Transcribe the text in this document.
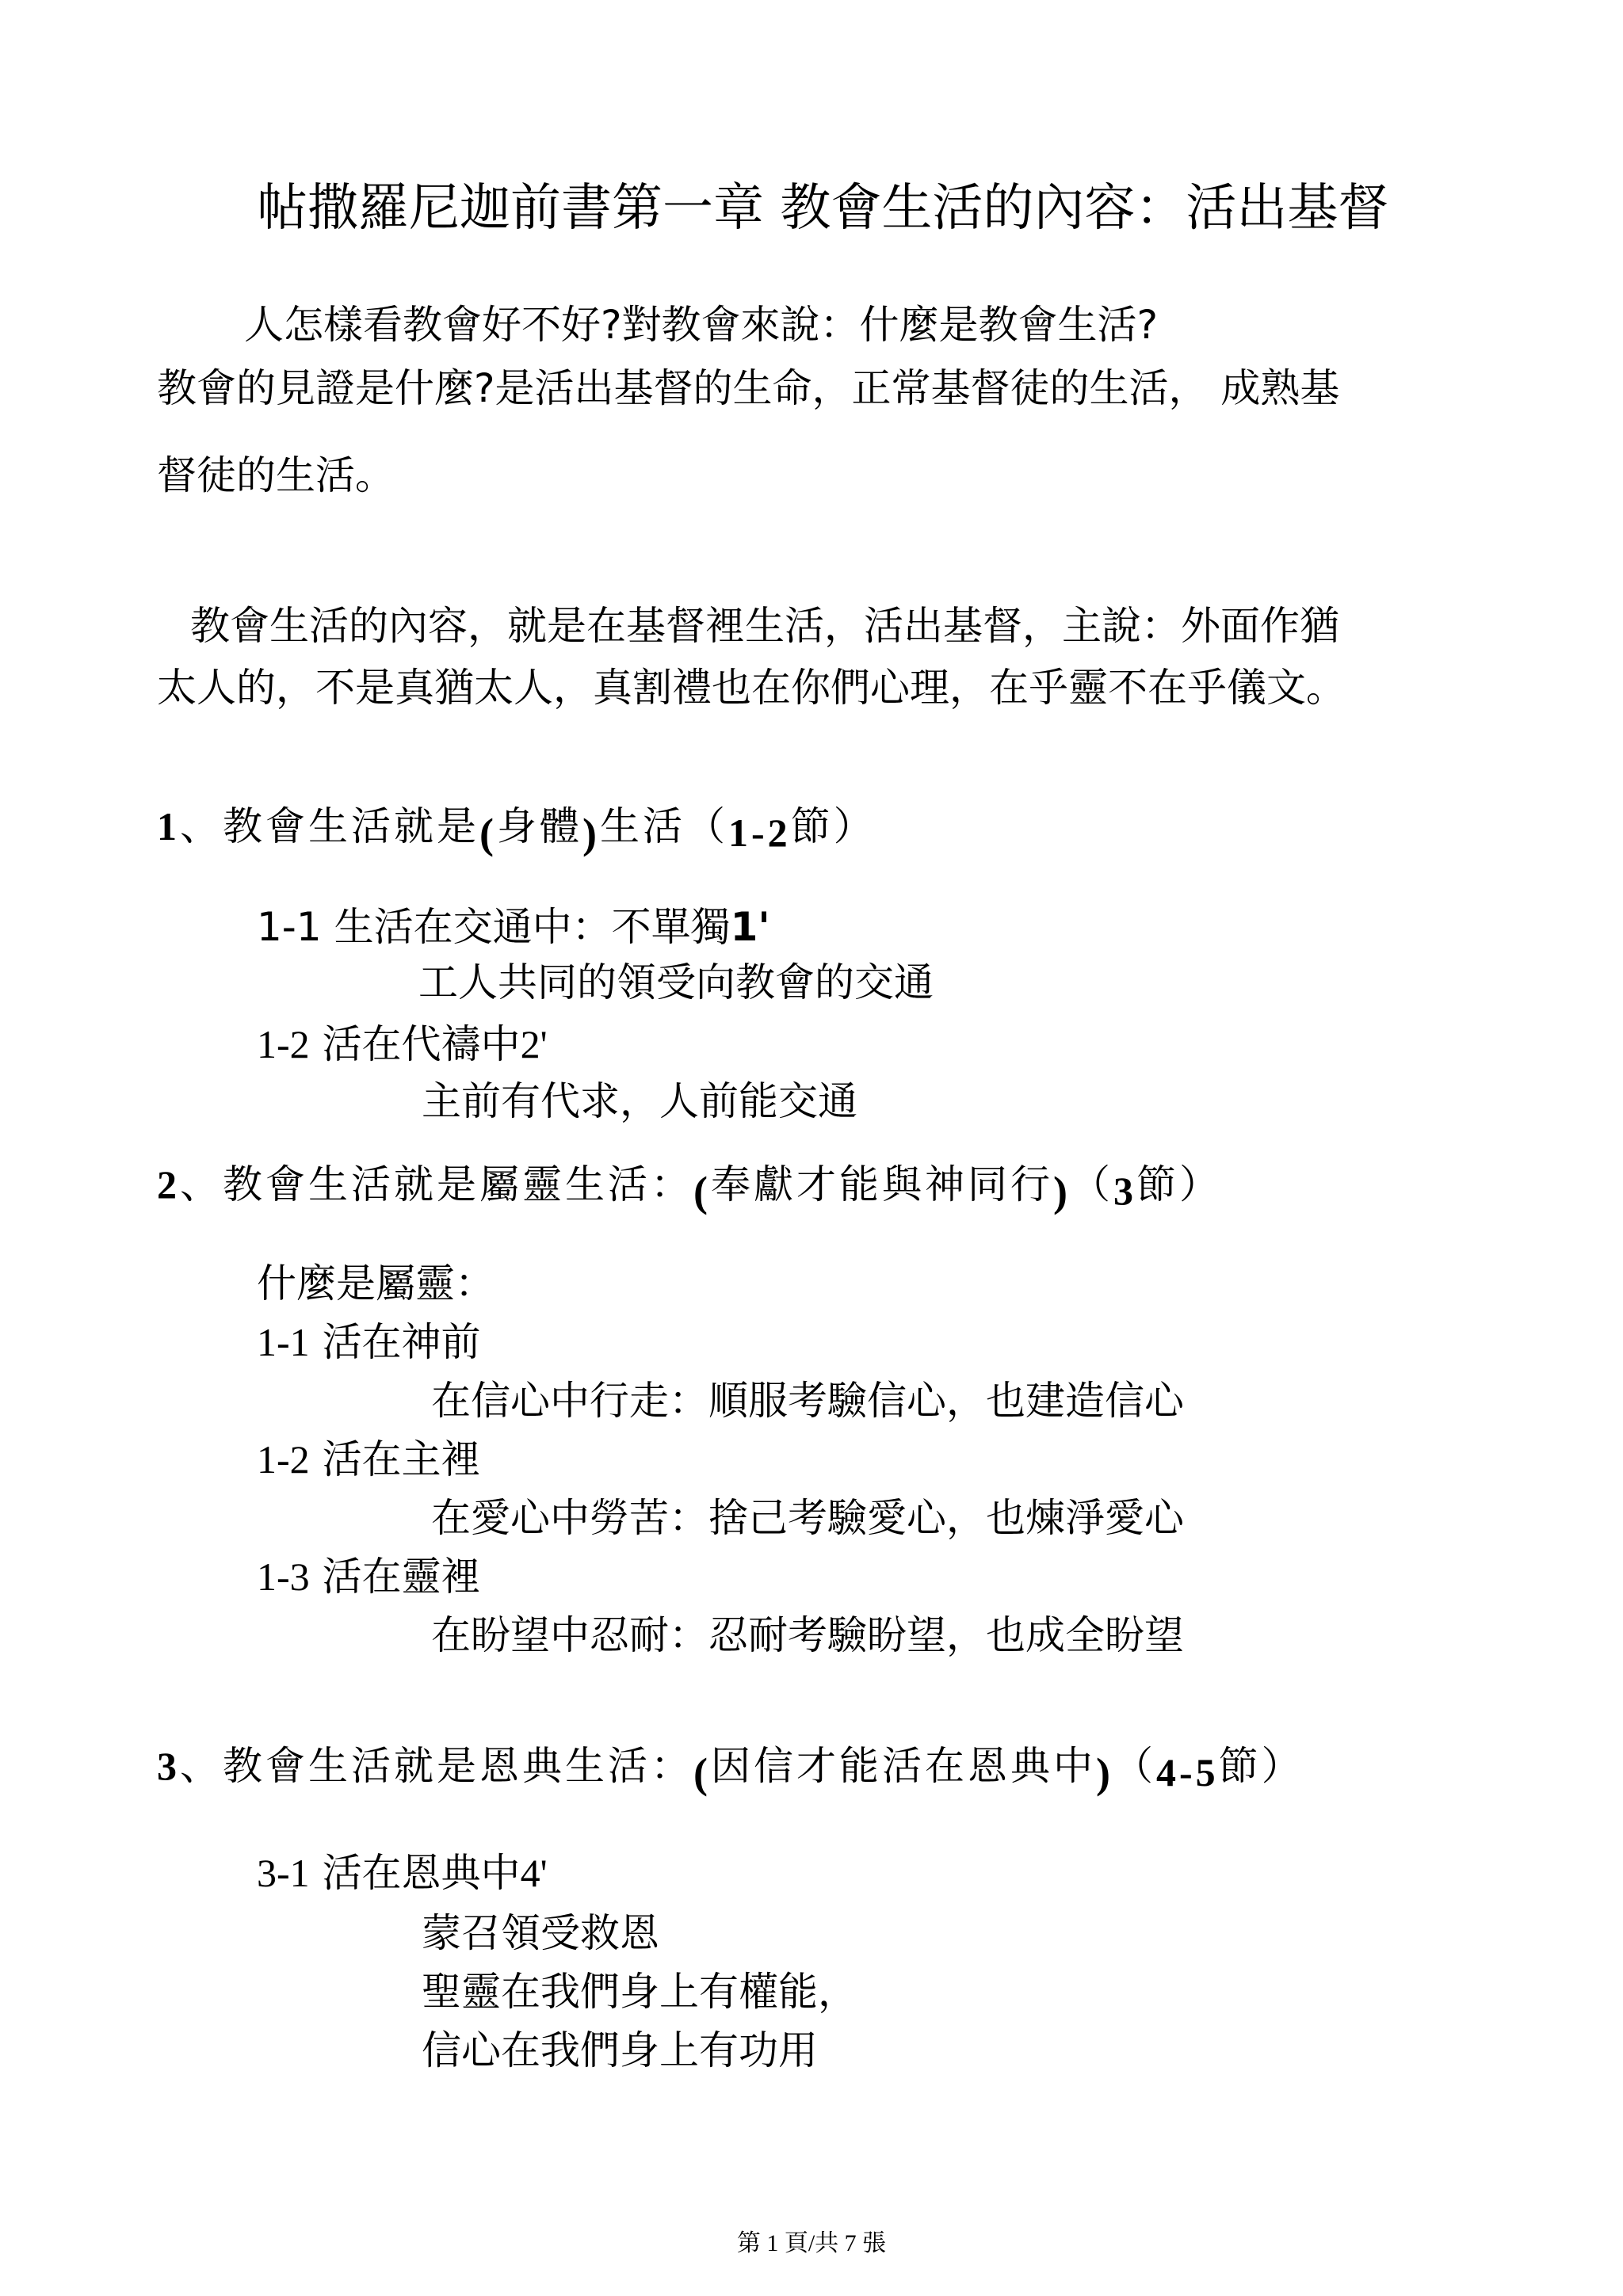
帖撒羅尼迦前書第一章 教會生活的內容：活出基督
人怎樣看教會好不好?對教會來說：什麼是教會生活?
教會的見證是什麼?是活出基督的生命，正常基督徒的生活， 成熟基
督徒的生活。
教會生活的內容，就是在基督裡生活，活出基督，主說：外面作猶
太人的，不是真猶太人，真割禮也在你們心理，在乎靈不在乎儀文。
1、教會生活就是(身體)生活（1-2節）
1-1 生活在交通中：不單獨1'
工人共同的領受向教會的交通
1-2 活在代禱中2'
主前有代求，人前能交通
2、教會生活就是屬靈生活：(奉獻才能與神同行)（3節）
什麼是屬靈：
1-1 活在神前
在信心中行走：順服考驗信心，也建造信心
1-2 活在主裡
在愛心中勞苦：捨己考驗愛心，也煉淨愛心
1-3 活在靈裡
在盼望中忍耐：忍耐考驗盼望，也成全盼望
3、教會生活就是恩典生活：(因信才能活在恩典中)（4-5節）
3-1 活在恩典中4'
蒙召領受救恩
聖靈在我們身上有權能，
信心在我們身上有功用
第 1 頁/共 7 張
